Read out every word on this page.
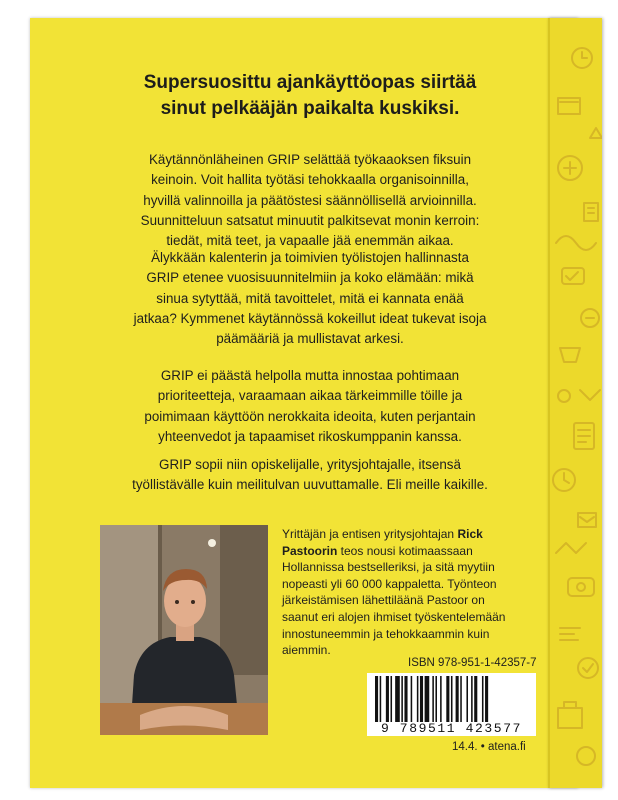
Supersuosittu ajankäyttöopas siirtää
sinut pelkääjän paikalta kuskiksi.

Käytännönläheinen GRIP selättää työkaaoksen fiksuin
keinoin. Voit hallita työtäsi tehokkaalla organisoinnilla,
hyvillä valinnoilla ja päätöstesi säännöllisellä arvioinnilla.
Suunnitteluun satsatut minuutit palkitsevat monin kerroin:
tiedät, mitä teet, ja vapaalle jää enemmän aikaa.

Älykkään kalenterin ja toimivien työlistojen hallinnasta
GRIP etenee vuosisuunnitelmiin ja koko elämään: mikä
sinua sytyttää, mitä tavoittelet, mitä ei kannata enää
jatkaa? Kymmenet käytännössä kokeillut ideat tukevat isoja
päämääriä ja mullistavat arkesi.

GRIP ei päästä helpolla mutta innostaa pohtimaan
prioriteetteja, varaamaan aikaa tärkeimmille töille ja
poimimaan käyttöön nerokkaita ideoita, kuten perjantain
yhteenvedot ja tapaamiset rikoskumppanin kanssa.

GRIP sopii niin opiskelijalle, yritysjohtajalle, itsensä
työllistävälle kuin meilitulvan uuvuttamalle. Eli meille kaikille.

Yrittäjän ja entisen yritysjohtajan Rick
Pastoorin teos nousi kotimaassaan
Hollannissa bestselleriksi, ja sitä myytiin
nopeasti yli 60 000 kappaletta. Työnteon
järkeistämisen lähettiläänä Pastoor on
saanut eri alojen ihmiset työskentelemään
innostuneemmin ja tehokkaammin kuin
aiemmin.

ISBN 978-951-1-42357-7
9 789511 423577
14.4. • atena.fi
